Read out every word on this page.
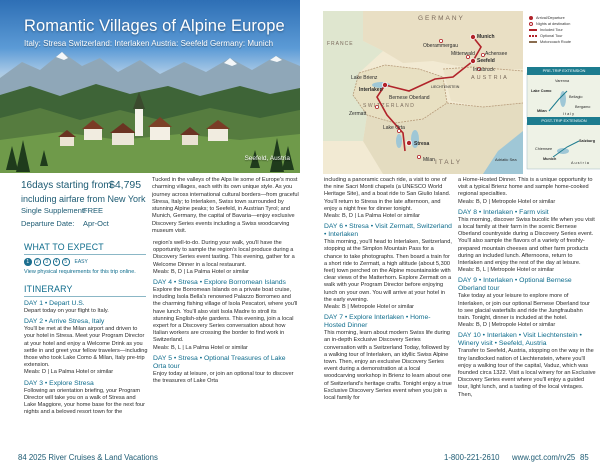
Romantic Villages of Alpine Europe
Italy: Stresa Switzerland: Interlaken Austria: Seefeld Germany: Munich
Seefeld, Austria
16days starting from
$4,795
including airfare from New York
Single Supplement:
FREE
Departure Date: Apr-Oct
Tucked in the valleys of the Alps lie some of Europe's most charming villages, each with its own unique style. As you journey across international cultural borders—from graceful Stresa, Italy; to Interlaken, Swiss town surrounded by stunning Alpine peaks; to Seefeld, in Austrian Tyrol; and Munich, Germany, the capital of Bavaria—enjoy exclusive Discovery Series events including a Swiss woodcarving museum visit.
WHAT TO EXPECT
1	2	3	4	5	EASY
View physical requirements for this trip online.
ITINERARY
DAY 1 • Depart U.S.
Depart today on your flight to Italy.
DAY 2 • Arrive Stresa, Italy
You'll be met at the Milan airport and driven to your hotel in Stresa. Meet your Program Director at your hotel and enjoy a Welcome Drink as you settle in and greet your fellow travelers—including those who took Lake Como & Milan, Italy pre-trip extension.
Meals: D | La Palma Hotel or similar
DAY 3 • Explore Stresa
Following an orientation briefing, your Program Director will take you on a walk of Stresa and Lake Maggiore, your home base for the next four nights and a beloved resort town for the
region's well-to-do. During your walk, you'll have the opportunity to sample the region's local produce during a Discovery Series event tasting. This evening, gather for a Welcome Dinner in a local restaurant.
Meals: B, D | La Palma Hotel or similar
DAY 4 • Stresa • Explore Borromean Islands
Explore the Borromean Islands on a private boat cruise, including Isola Bella's renowned Palazzo Borromeo and the charming fishing village of Isola Pescatori, where you'll have lunch. You'll also visit Isola Madre to stroll its stunning English-style gardens. This evening, join a local expert for a Discovery Series conversation about how Italian workers are crossing the border to find work in Switzerland.
Meals: B, L | La Palma Hotel or similar
DAY 5 • Stresa • Optional Treasures of Lake Orta tour
Enjoy today at leisure, or join an optional tour to discover the treasures of Lake Orta
84 2025 River Cruises & Land Vacations
Arrival/Departure
Nights at destination
Included Tour
Optional Tour
Motorcoach Route
PRE-TRIP EXTENSION
POST-TRIP EXTENSION
GERMANY
FRANCE
SWITZERLAND
AUSTRIA
ITALY
LIECHTENSTEIN
Munich
Oberammergau
Mittenwald Achensee
Innsbruck
Seefeld
Lake Brienz
Interlaken
Bernese Oberland
Zermatt
Lake Orta
Stresa
Milan	Adriatic Sea
Varenna
Lake Como
Milan
Bellagio
Bergamo
Italy
Salzburg
Chiemsee
Munich
Austria
including a panoramic coach ride, a visit to one of the nine Sacri Monti chapels (a UNESCO World Heritage Site), and a boat ride to San Giulio Island. You'll return to Stresa in the late afternoon, and enjoy a night free for dinner tonight.
Meals: B, D | La Palma Hotel or similar
DAY 6 • Stresa • Visit Zermatt, Switzerland • Interlaken
This morning, you'll head to Interlaken, Switzerland, stopping at the Simplon Mountain Pass for a chance to take photographs. Then board a train for a short ride to Zermatt, a high altitude (about 5,300 feet) town perched on the Alpine mountainside with clear views of the Matterhorn. Explore Zermatt on a walk with your Program Director before enjoying lunch on your own. You will arrive at your hotel in the early evening.
Meals: B | Metropole Hotel or similar
DAY 7 • Explore Interlaken • Home-Hosted Dinner
This morning, learn about modern Swiss life during an in-depth Exclusive Discovery Series conversation with a Switzerland Today, followed by a walking tour of Interlaken, an idyllic Swiss Alpine town. Then, enjoy an exclusive Discovery Series event during a demonstration at a local woodcarving workshop in Brienz to learn about one of Switzerland's heritage crafts. Tonight enjoy a true Exclusive Discovery Series event when you join a local family for
a Home-Hosted Dinner. This is a unique opportunity to visit a typical Brienz home and sample home-cooked regional specialties.
Meals: B, D | Metropole Hotel or similar
DAY 8 • Interlaken • Farm visit
This morning, discover Swiss bucolic life when you visit a local family at their farm in the scenic Bernese Oberland countryside during a Discovery Series event. You'll also sample the flavors of a variety of freshly-prepared mountain cheeses and other farm products during an included lunch. Afternoons, return to Interlaken and enjoy the rest of the day at leisure.
Meals: B, L | Metropole Hotel or similar
DAY 9 • Interlaken • Optional Bernese Oberland tour
Take today at your leisure to explore more of Interlaken, or join our optional Bernese Oberland tour to see glacial waterfalls and ride the Jungfraubahn train. Tonight, dinner is included at the hotel.
Meals: B, D | Metropole Hotel or similar
DAY 10 • Interlaken • Visit Liechtenstein • Winery visit • Seefeld, Austria
Transfer to Seefeld, Austria, stopping on the way in the tiny landlocked nation of Liechtenstein, where you'll enjoy a walking tour of the capital, Vaduz, which was founded circa 1322. Visit a local winery for an Exclusive Discovery Series event where you'll enjoy a guided tour, light lunch, and a tasting of the local vintages. Then,
1-800-221-2610 www.gct.com/rv25 85
